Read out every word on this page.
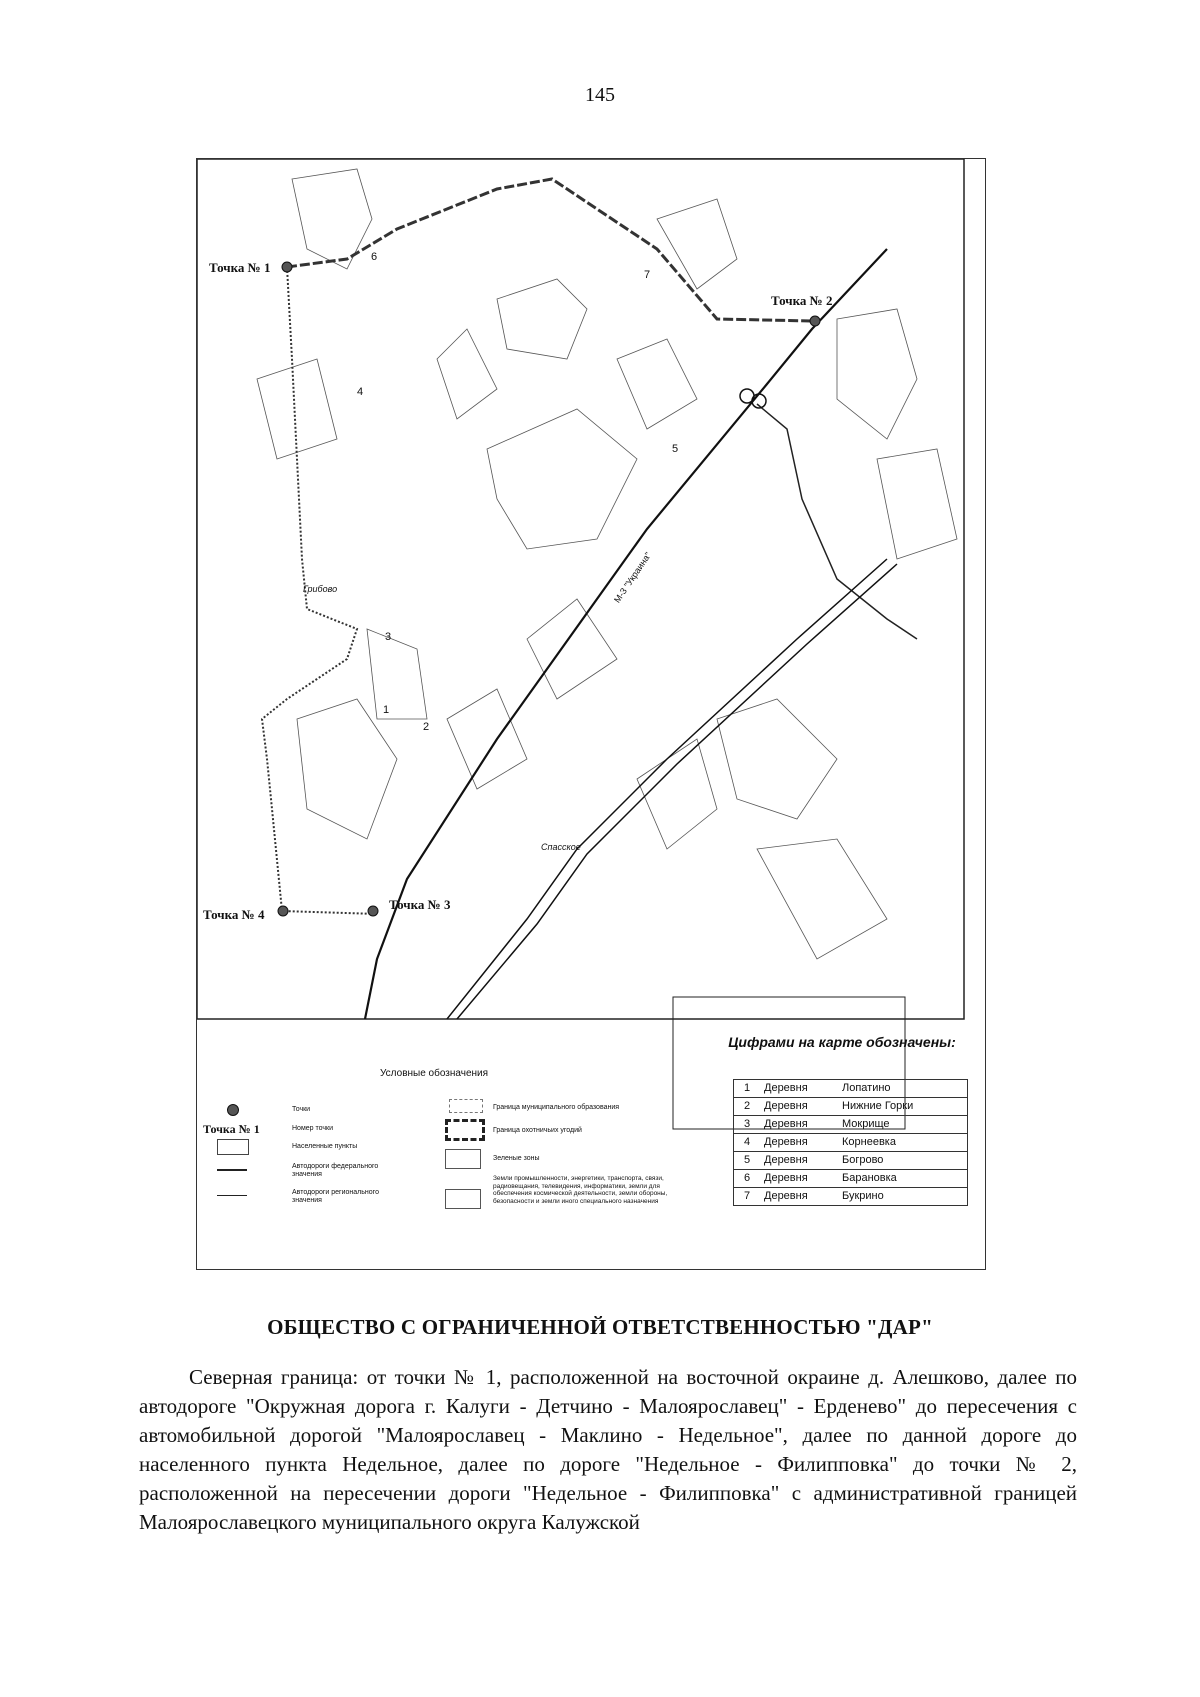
145
Точка № 1
Точка № 2
Точка № 3
Точка № 4
1
2
3
4
5
6
7
М-3 "Украина"
Спасское
Грибово
Условные обозначения
Точки
Точка № 1	Номер точки
Населенные пункты
Автодороги федерального значения
Автодороги регионального значения
Граница муниципального образования
Граница охотничьих угодий
Зеленые зоны
Земли промышленности, энергетики, транспорта, связи, радиовещания, телевидения, информатики, земли для обеспечения космической деятельности, земли обороны, безопасности и земли иного специального назначения
Цифрами на карте обозначены:
1	Деревня	Лопатино
2	Деревня	Нижние Горки
3	Деревня	Мокрище
4	Деревня	Корнеевка
5	Деревня	Богрово
6	Деревня	Барановка
7	Деревня	Букрино
ОБЩЕСТВО С ОГРАНИЧЕННОЙ ОТВЕТСТВЕННОСТЬЮ "ДАР"

Северная граница: от точки № 1, расположенной на восточной окраине д. Алешково, далее по автодороге "Окружная дорога г. Калуги - Детчино - Малоярославец" - Ерденево" до пересечения с автомобильной дорогой "Малоярославец - Маклино - Недельное", далее по данной дороге до населенного пункта Недельное, далее по дороге "Недельное - Филипповка" до точки № 2, расположенной на пересечении дороги "Недельное - Филипповка" с административной границей Малоярославецкого муниципального округа Калужской
